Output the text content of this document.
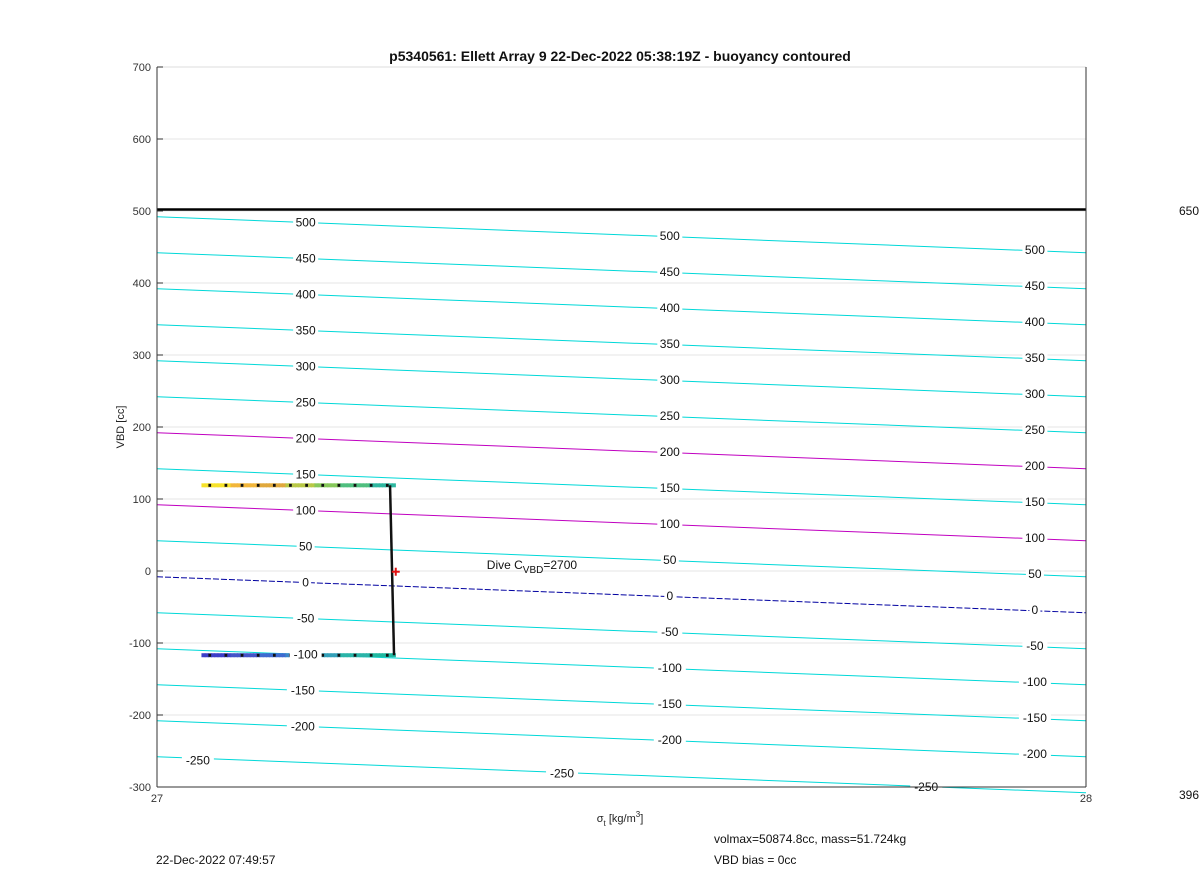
500
450
400
350
300
250
200
150
100
50
0
-50
-100
-150
-200
-250
500
450
400
350
300
250
200
150
100
50
0
-50
-100
-150
-200
-250
500
450
400
350
300
250
200
150
100
50
0
-50
-100
-150
-200
-250
700
600
500
400
300
200
100
0
-100
-200
-300
27	28
Dive $C_{VBD}=2700$
p5340561: Ellett Array 9 22-Dec-2022 05:38:19Z - buoyancy contoured
VBD [cc]
$\sigma_t$ $[kg/m^3]$
650
396
22-Dec-2022 07:49:57
volmax=50874.8cc, mass=51.724kg
VBD bias = 0cc
